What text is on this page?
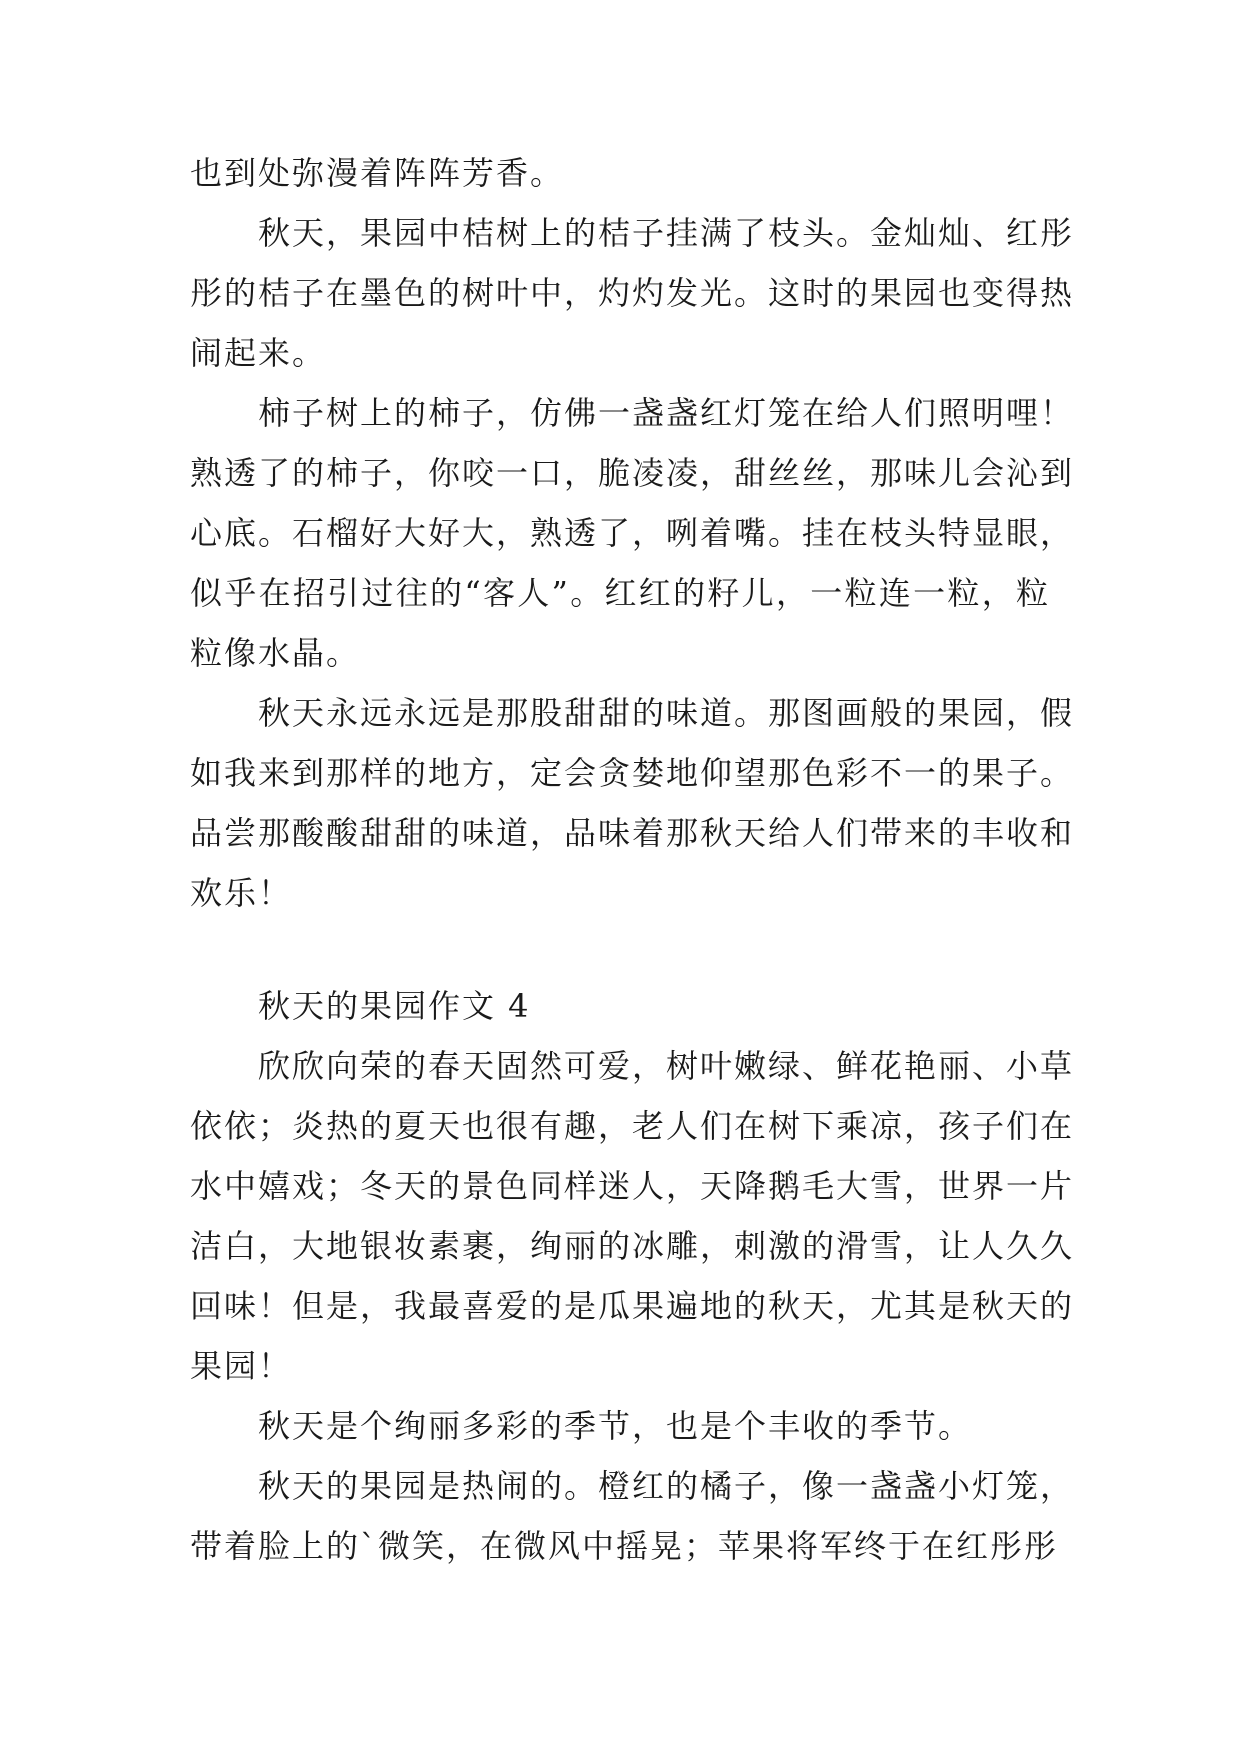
也到处弥漫着阵阵芳香。
秋天，果园中桔树上的桔子挂满了枝头。金灿灿、红彤
彤的桔子在墨色的树叶中，灼灼发光。这时的果园也变得热
闹起来。
柿子树上的柿子，仿佛一盏盏红灯笼在给人们照明哩！
熟透了的柿子，你咬一口，脆凌凌，甜丝丝，那味儿会沁到
心底。石榴好大好大，熟透了，咧着嘴。挂在枝头特显眼，
似乎在招引过往的“客人”。红红的籽儿，一粒连一粒，粒
粒像水晶。
秋天永远永远是那股甜甜的味道。那图画般的果园，假
如我来到那样的地方，定会贪婪地仰望那色彩不一的果子。
品尝那酸酸甜甜的味道，品味着那秋天给人们带来的丰收和
欢乐！
秋天的果园作文 4
欣欣向荣的春天固然可爱，树叶嫩绿、鲜花艳丽、小草
依依；炎热的夏天也很有趣，老人们在树下乘凉，孩子们在
水中嬉戏；冬天的景色同样迷人，天降鹅毛大雪，世界一片
洁白，大地银妆素裹，绚丽的冰雕，刺激的滑雪，让人久久
回味！但是，我最喜爱的是瓜果遍地的秋天，尤其是秋天的
果园！
秋天是个绚丽多彩的季节，也是个丰收的季节。
秋天的果园是热闹的。橙红的橘子，像一盏盏小灯笼，
带着脸上的`微笑，在微风中摇晃；苹果将军终于在红彤彤
